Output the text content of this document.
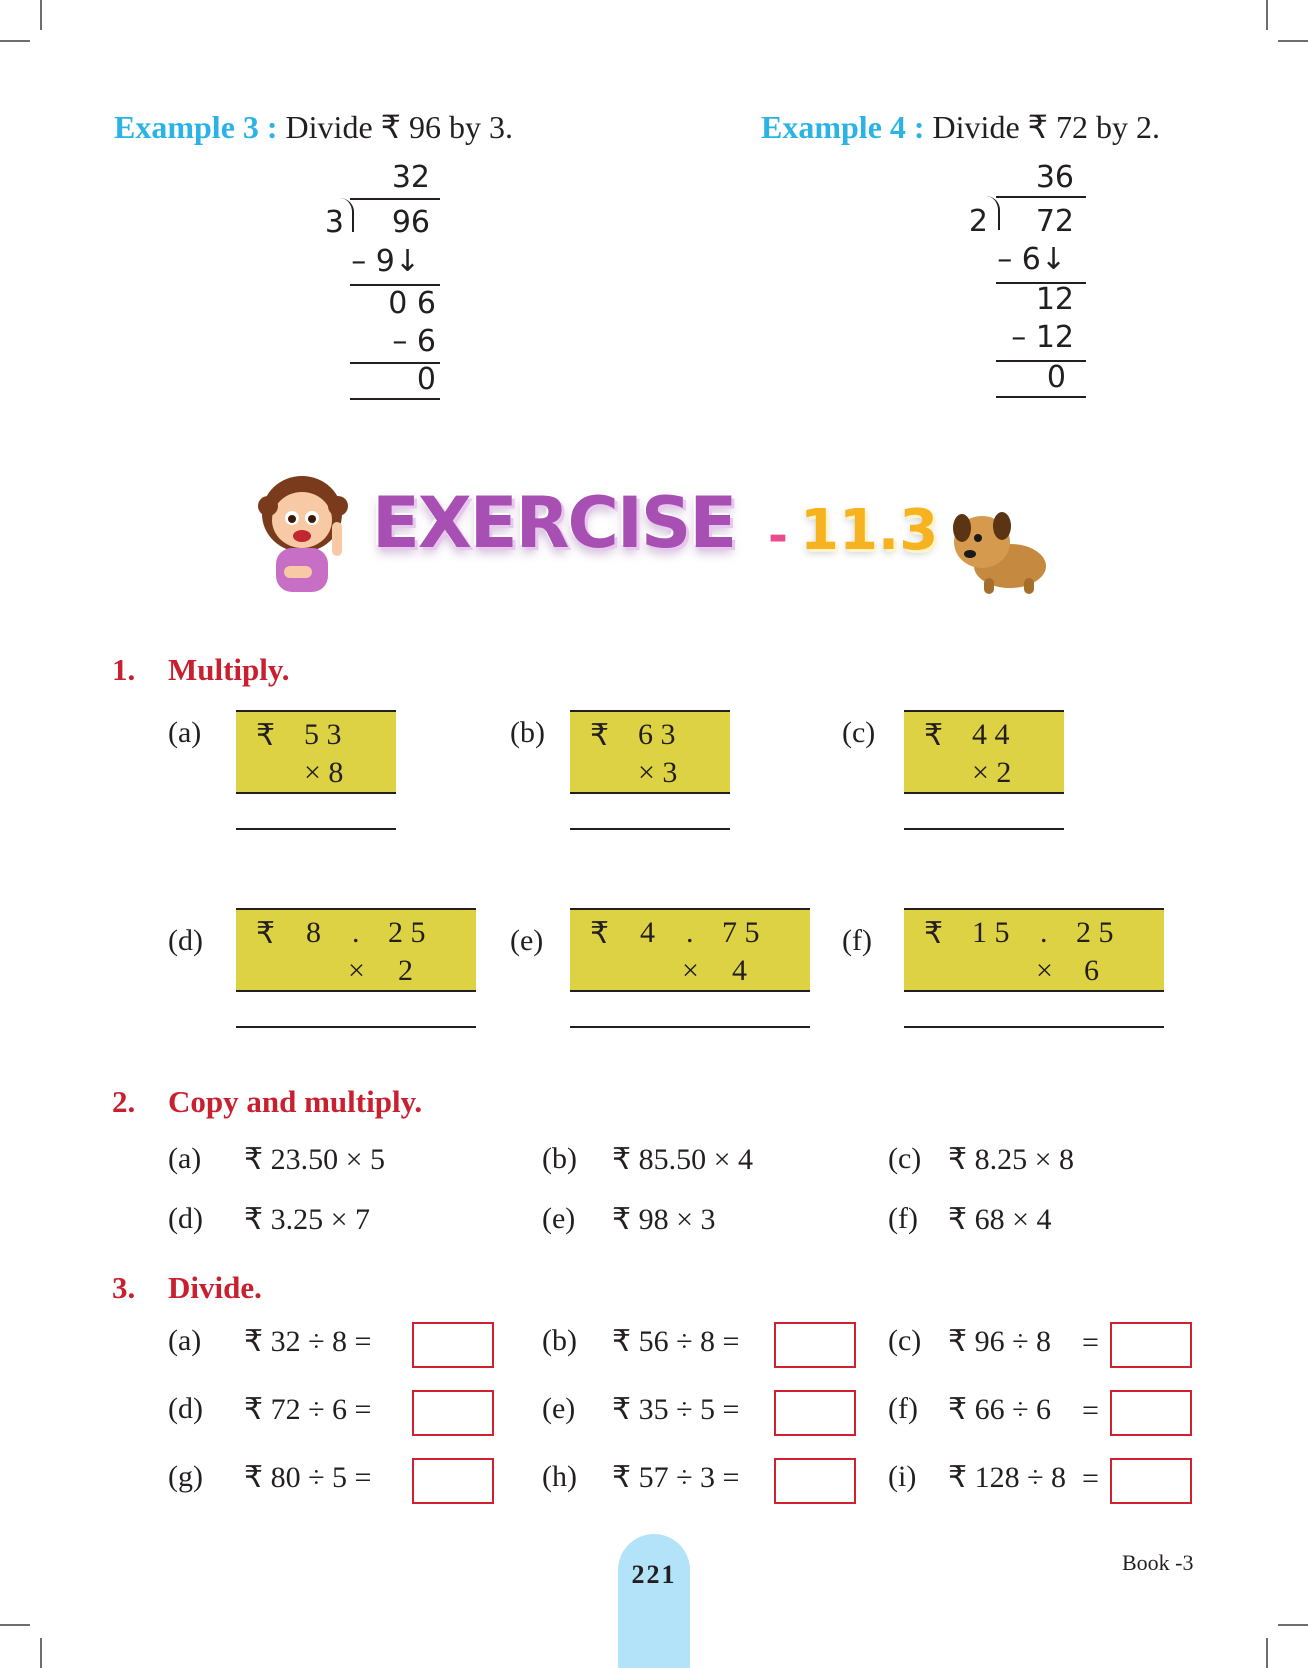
Example 3 : Divide ₹ 96 by 3.
32
3	96
– 9↓
0 6
– 6
0
Example 4 : Divide ₹ 72 by 2.
36
2	72
– 6↓
12
– 12
0
EXERCISE - 11.3
1. Multiply.
(a) ₹ 5 3
× 8
(b) ₹ 6 3
× 3
(c) ₹ 4 4
× 2
(d) ₹ 8 . 2 5
× 2
(e) ₹ 4 . 7 5
× 4
(f) ₹ 1 5 . 2 5
× 6
2. Copy and multiply.
(a) ₹ 23.50 × 5	(b) ₹ 85.50 × 4	(c) ₹ 8.25 × 8
(d) ₹ 3.25 × 7	(e) ₹ 98 × 3	(f) ₹ 68 × 4
3. Divide.
(a) ₹ 32 ÷ 8 =	(b) ₹ 56 ÷ 8 =	(c) ₹ 96 ÷ 8 =
(d) ₹ 72 ÷ 6 =	(e) ₹ 35 ÷ 5 =	(f) ₹ 66 ÷ 6 =
(g) ₹ 80 ÷ 5 =	(h) ₹ 57 ÷ 3 =	(i) ₹ 128 ÷ 8 =
221	Book -3
